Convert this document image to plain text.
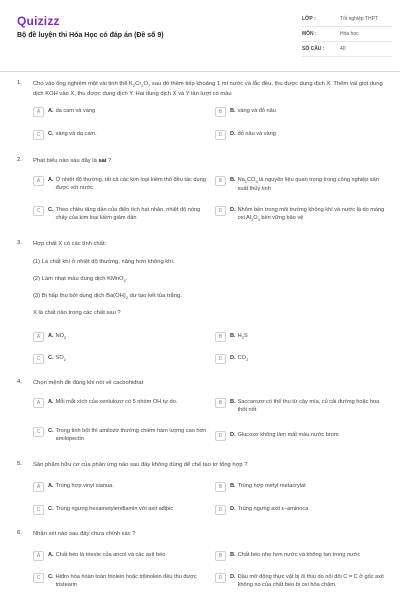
Quizizz
Bộ đề luyện thi Hóa Học có đáp án (Đề số 9)
LỚP :	Tốt nghiệp THPT
MÔN :	Hóa học
SỐ CÂU :	40
1. Cho vào ống nghiệm một vài tinh thể $K_2Cr_2O_7$ sau đó thêm tiếp khoảng 1 ml nước và lắc đều, thu được dung dịch X. Thêm vài giọt dung dịch KOH vào X, thu được dung dịch Y. Hai dung dịch X và Y lần lượt có màu
A	A. da cam và vàng	B	B. vàng và đỏ nâu
C	C. vàng và da cam.	D	D. đỏ nâu và vàng
2. Phát biểu nào sau đây là sai ?
A	A. Ở nhiệt độ thường, tất cả các kim loại kiềm thổ đều tác dụng được với nước
B	B. $Na_2CO_3$ là nguyên liệu quan trọng trong công nghiệp sản xuất thủy tinh
C	C. Theo chiều tăng dần của điện tích hạt nhân, nhiệt độ nóng chảy của kim loại kiềm giảm dần
D	D. Nhôm bền trong môi trường không khí và nước là do màng oxi $Al_2O_3$ bền vững bảo vệ
3. Hợp chất X có các tính chất:
(1) Là chất khí ở nhiệt độ thường, nặng hơn không khí.
(2) Làm nhạt màu dung dịch KMnO$_4$.
(3) Bị hấp thụ bởi dung dịch $Ba(OH)_2$ dư tạo kết tủa trắng.
X là chất nào trong các chất sau ?
A	A. $NO_2$	B	B. $H_2S$
C	C. $SO_2$	D	D. $CO_2$
4. Chọn mệnh đề đúng khi nói về cacbohiđrat
A	A. Mỗi mắt xích của xenlulozơ có 5 nhóm OH tự do.	B	B. Saccarozơ có thể thu từ cây mía, củ cải đường hoặc hoa thốt nốt
C	C. Trong tinh bột thì amilozơ thường chiếm hàm lượng cao hơn amilopectin	D	D. Glucozơ không làm mất màu nước brom
5. Sản phẩm hữu cơ của phản ứng nào sau đây không dùng để chế tạo tơ tổng hợp ?
A	A. Trùng hợp vinyl xianua.	B	B. Trùng hợp metyl metacrylat
C	C. Trùng ngưng hexametylenđiamin với axit ađipic	D	D. Trùng ngưng axit ε–aminoca
6. Nhận xét nào sau đây chưa chính xác ?
A	A. Chất béo là trieste của ancol và các axit béo	B	B. Chất béo nhẹ hơn nước và không tan trong nước
C	C. Hiđro hóa hoàn toàn triolein hoặc trilinolein đều thu được tristearin
D	D. Dầu mỡ động thực vật bị ôi thiu do nối đôi C = C ở gốc axit không no của chất béo bị oxi hóa chậm.
